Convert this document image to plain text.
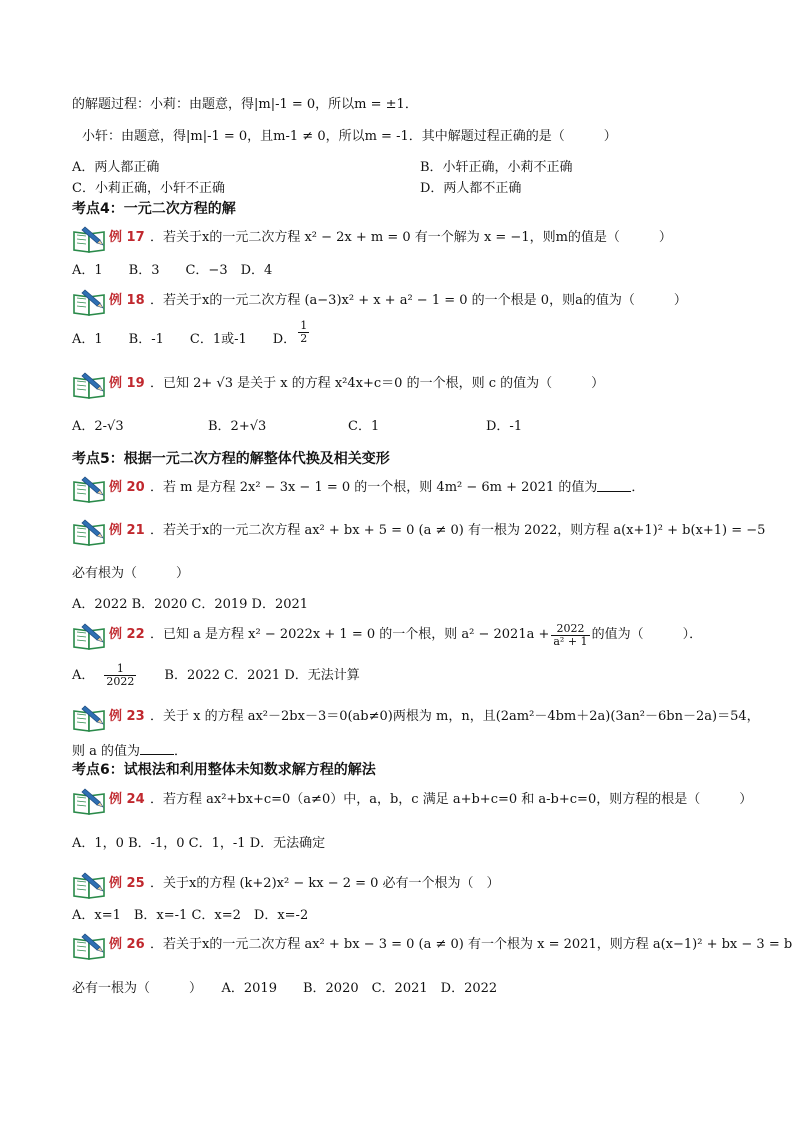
的解题过程：小莉：由题意，得|m|-1 = 0，所以m = ±1．
小轩：由题意，得|m|-1 = 0，且m-1 ≠ 0，所以m = -1．其中解题过程正确的是（　　　）
A．两人都正确	B．小轩正确，小莉不正确
C．小莉正确，小轩不正确	D．两人都不正确
考点4：一元二次方程的解
例 17 ．若关于x的一元二次方程 x² − 2x + m = 0 有一个解为 x = −1，则m的值是（　　　）
A．1　　B．3　　C．−3　D．4
例 18 ．若关于x的一元二次方程 (a−3)x² + x + a² − 1 = 0 的一个根是 0，则a的值为（　　　）
A．1　　B．-1　　C．1或-1　　D． $\frac{1}{2}$
例 19 ．已知 2+ √3 是关于 x 的方程 x²4x+c＝0 的一个根，则 c 的值为（　　　）
A．2-√3	B．2+√3	C．1	D．-1
考点5：根据一元二次方程的解整体代换及相关变形
例 20 ．若 m 是方程 2x² − 3x − 1 = 0 的一个根，则 4m² − 6m + 2021 的值为	．
例 21 ．若关于x的一元二次方程 ax² + bx + 5 = 0 (a ≠ 0) 有一根为 2022，则方程 a(x+1)² + b(x+1) = −5
必有根为（　　　）
A．2022 B．2020 C．2019 D．2021
例 22 ．已知 a 是方程 x² − 2022x + 1 = 0 的一个根，则 $a^2 - 2021a + \frac{2022}{\text{a² + 1}}$ 的值为（　　　）．
A． $\frac{1}{2022}$ 　　B．2022 C．2021 D．无法计算
例 23 ．关于 x 的方程 ax²－2bx－3＝0(ab≠0)两根为 m，n，且(2am²－4bm＋2a)(3an²－6bn－2a)＝54，
则 a 的值为	．
考点6：试根法和利用整体未知数求解方程的解法
例 24 ．若方程 ax²+bx+c=0（a≠0）中，a，b，c 满足 a+b+c=0 和 a-b+c=0，则方程的根是（　　　）
A．1，0 B．-1，0 C．1，-1 D．无法确定
例 25 ．关于x的方程 (k+2)x² − kx − 2 = 0 必有一个根为（　）
A．x=1　B．x=-1 C．x=2　D．x=-2
例 26 ．若关于x的一元二次方程 ax² + bx − 3 = 0 (a ≠ 0) 有一个根为 x = 2021，则方程 a(x−1)² + bx − 3 = b
必有一根为（　　　）　　A．2019　　B．2020　C．2021　D．2022
